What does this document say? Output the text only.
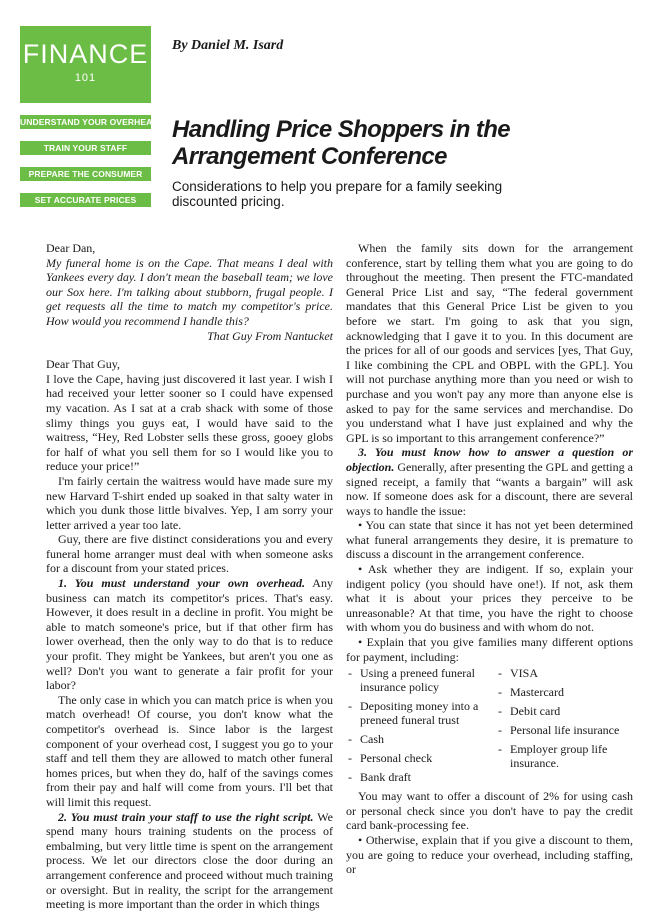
FINANCE
101
By Daniel M. Isard
UNDERSTAND YOUR OVERHEAD
TRAIN YOUR STAFF
PREPARE THE CONSUMER
SET ACCURATE PRICES
Handling Price Shoppers in the Arrangement Conference
Considerations to help you prepare for a family seeking discounted pricing.

Dear Dan,

My funeral home is on the Cape. That means I deal with Yankees every day. I don't mean the baseball team; we love our Sox here. I'm talking about stubborn, frugal people. I get requests all the time to match my competitor's price. How would you recommend I handle this?

That Guy From Nantucket

Dear That Guy,

I love the Cape, having just discovered it last year. I wish I had received your letter sooner so I could have expensed my vacation. As I sat at a crab shack with some of those slimy things you guys eat, I would have said to the waitress, “Hey, Red Lobster sells these gross, gooey globs for half of what you sell them for so I would like you to reduce your price!”

I'm fairly certain the waitress would have made sure my new Harvard T-shirt ended up soaked in that salty water in which you dunk those little bivalves. Yep, I am sorry your letter arrived a year too late.

Guy, there are five distinct considerations you and every funeral home arranger must deal with when someone asks for a discount from your stated prices.

1. You must understand your own overhead. Any business can match its competitor's prices. That's easy. However, it does result in a decline in profit. You might be able to match someone's price, but if that other firm has lower overhead, then the only way to do that is to reduce your profit. They might be Yankees, but aren't you one as well? Don't you want to generate a fair profit for your labor?

The only case in which you can match price is when you match overhead! Of course, you don't know what the competitor's overhead is. Since labor is the largest component of your overhead cost, I suggest you go to your staff and tell them they are allowed to match other funeral homes prices, but when they do, half of the savings comes from their pay and half will come from yours. I'll bet that will limit this request.

2. You must train your staff to use the right script. We spend many hours training students on the process of embalming, but very little time is spent on the arrangement process. We let our directors close the door during an arrangement conference and proceed without much training or oversight. But in reality, the script for the arrangement meeting is more important than the order in which things

When the family sits down for the arrangement conference, start by telling them what you are going to do throughout the meeting. Then present the FTC-mandated General Price List and say, “The federal government mandates that this General Price List be given to you before we start. I'm going to ask that you sign, acknowledging that I gave it to you. In this document are the prices for all of our goods and services [yes, That Guy, I like combining the CPL and OBPL with the GPL]. You will not purchase anything more than you need or wish to purchase and you won't pay any more than anyone else is asked to pay for the same services and merchandise. Do you understand what I have just explained and why the GPL is so important to this arrangement conference?”

3. You must know how to answer a question or objection. Generally, after presenting the GPL and getting a signed receipt, a family that “wants a bargain” will ask now. If someone does ask for a discount, there are several ways to handle the issue:

• You can state that since it has not yet been determined what funeral arrangements they desire, it is premature to discuss a discount in the arrangement conference.

• Ask whether they are indigent. If so, explain your indigent policy (you should have one!). If not, ask them what it is about your prices they perceive to be unreasonable? At that time, you have the right to choose with whom you do business and with whom do not.

• Explain that you give families many different options for payment, including:

- Using a preneed funeral insurance policy
- Depositing money into a preneed funeral trust
- Cash
- Personal check
- Bank draft
- VISA
- Mastercard
- Debit card
- Personal life insurance
- Employer group life insurance.

You may want to offer a discount of 2% for using cash or personal check since you don't have to pay the credit card bank-processing fee.

• Otherwise, explain that if you give a discount to them, you are going to reduce your overhead, including staffing, or
